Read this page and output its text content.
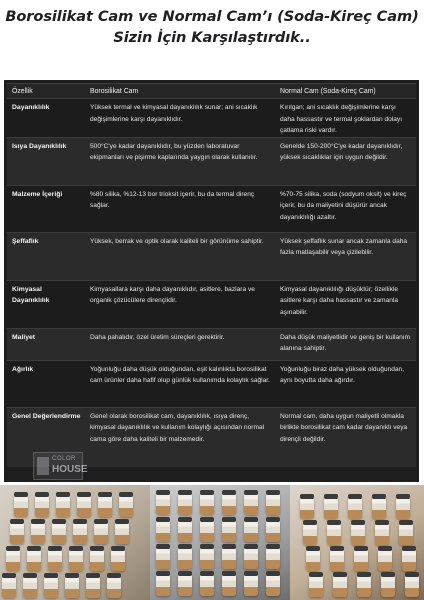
Borosilikat Cam ve Normal Cam’ı (Soda-Kireç Cam)
Sizin İçin Karşılaştırdık..
Özellik	Borosilikat Cam	Normal Cam (Soda-Kireç Cam)
Dayanıklılık	Yüksek termal ve kimyasal dayanıklılık sunar; ani sıcaklık değişimlerine karşı dayanıklıdır.	Kırılgan; ani sıcaklık değişimlerine karşı daha hassastır ve termal şoklardan dolayı çatlama riski vardır.
Isıya Dayanıklılık	500°C'ye kadar dayanıklıdır, bu yüzden laboratuvar ekipmanları ve pişirme kaplarında yaygın olarak kullanılır.	Genelde 150-200°C'ye kadar dayanıklıdır, yüksek sıcaklıklar için uygun değildir.
Malzeme İçeriği	%80 silika, %12-13 bor trioksit içerir, bu da termal direnç sağlar.	%70-75 silika, soda (sodyum oksit) ve kireç içerir, bu da maliyetini düşürür ancak dayanıklılığı azaltır.
Şeffaflık	Yüksek, berrak ve optik olarak kaliteli bir görünüme sahiptir.	Yüksek şeffaflık sunar ancak zamanla daha fazla matlaşabilir veya çizilebilir.
Kimyasal Dayanıklılık	Kimyasallara karşı daha dayanıklıdır, asitlere, bazlara ve organik çözücülere dirençlidir.	Kimyasal dayanıklılığı düşüktür; özellikle asitlere karşı daha hassastır ve zamanla aşınabilir.
Maliyet	Daha pahalıdır, özel üretim süreçleri gerektirir.	Daha düşük maliyetlidir ve geniş bir kullanım alanına sahiptir.
Ağırlık	Yoğunluğu daha düşük olduğundan, eşit kalınlıkta borosilikat cam ürünler daha hafif olup günlük kullanımda kolaylık sağlar.	Yoğunluğu biraz daha yüksek olduğundan, aynı boyutta daha ağırdır.
Genel Değerlendirme	Genel olarak borosilikat cam, dayanıklılık, ısıya direnç, kimyasal dayanıklılık ve kullanım kolaylığı açısından normal cama göre daha kaliteli bir malzemedir.	Normal cam, daha uygun maliyetli olmakla birlikte borosilikat cam kadar dayanıklı veya dirençli değildir.
COLOR
HOUSE
